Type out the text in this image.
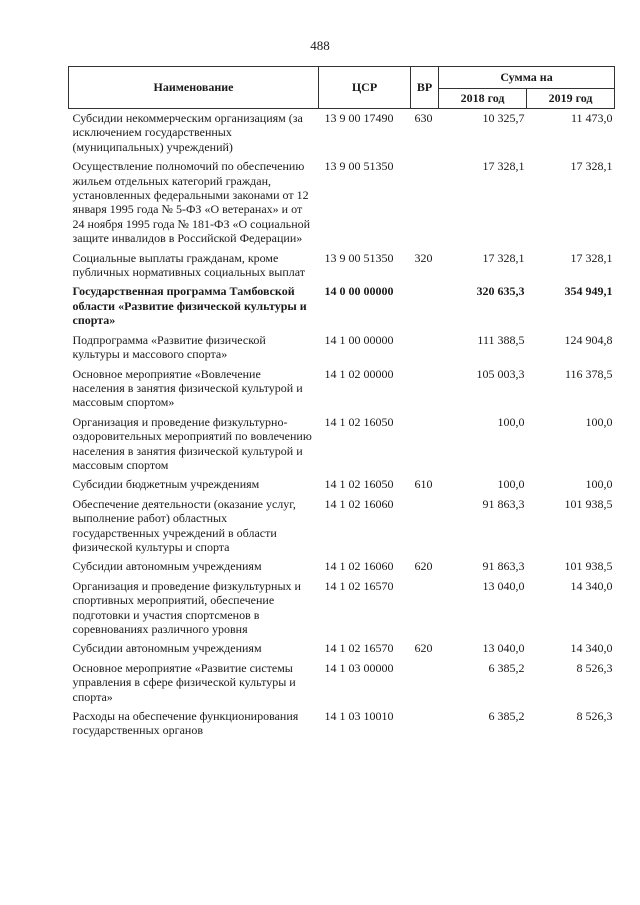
488
Наименование	ЦСР	ВР	Сумма на	
			2018 год	2019 год
Субсидии некоммерческим организациям (за исключением государственных (муниципальных) учреждений)	13 9 00 17490	630	10 325,7	11 473,0
Осуществление полномочий по обеспечению жильем отдельных категорий граждан, установленных федеральными законами от 12 января 1995 года № 5-ФЗ «О ветеранах» и от 24 ноября 1995 года № 181-ФЗ «О социальной защите инвалидов в Российской Федерации»	13 9 00 51350		17 328,1	17 328,1
Социальные выплаты гражданам, кроме публичных нормативных социальных выплат	13 9 00 51350	320	17 328,1	17 328,1
Государственная программа Тамбовской области «Развитие физической культуры и спорта»	14 0 00 00000		320 635,3	354 949,1
Подпрограмма «Развитие физической культуры и массового спорта»	14 1 00 00000		111 388,5	124 904,8
Основное мероприятие «Вовлечение населения в занятия физической культурой и массовым спортом»	14 1 02 00000		105 003,3	116 378,5
Организация и проведение физкультурно-оздоровительных мероприятий по вовлечению населения в занятия физической культурой и массовым спортом	14 1 02 16050		100,0	100,0
Субсидии бюджетным учреждениям	14 1 02 16050	610	100,0	100,0
Обеспечение деятельности (оказание услуг, выполнение работ) областных государственных учреждений в области физической культуры и спорта	14 1 02 16060		91 863,3	101 938,5
Субсидии автономным учреждениям	14 1 02 16060	620	91 863,3	101 938,5
Организация и проведение физкультурных и спортивных мероприятий, обеспечение подготовки и участия спортсменов в соревнованиях различного уровня	14 1 02 16570		13 040,0	14 340,0
Субсидии автономным учреждениям	14 1 02 16570	620	13 040,0	14 340,0
Основное мероприятие «Развитие системы управления в сфере физической культуры и спорта»	14 1 03 00000		6 385,2	8 526,3
Расходы на обеспечение функционирования государственных органов	14 1 03 10010		6 385,2	8 526,3
